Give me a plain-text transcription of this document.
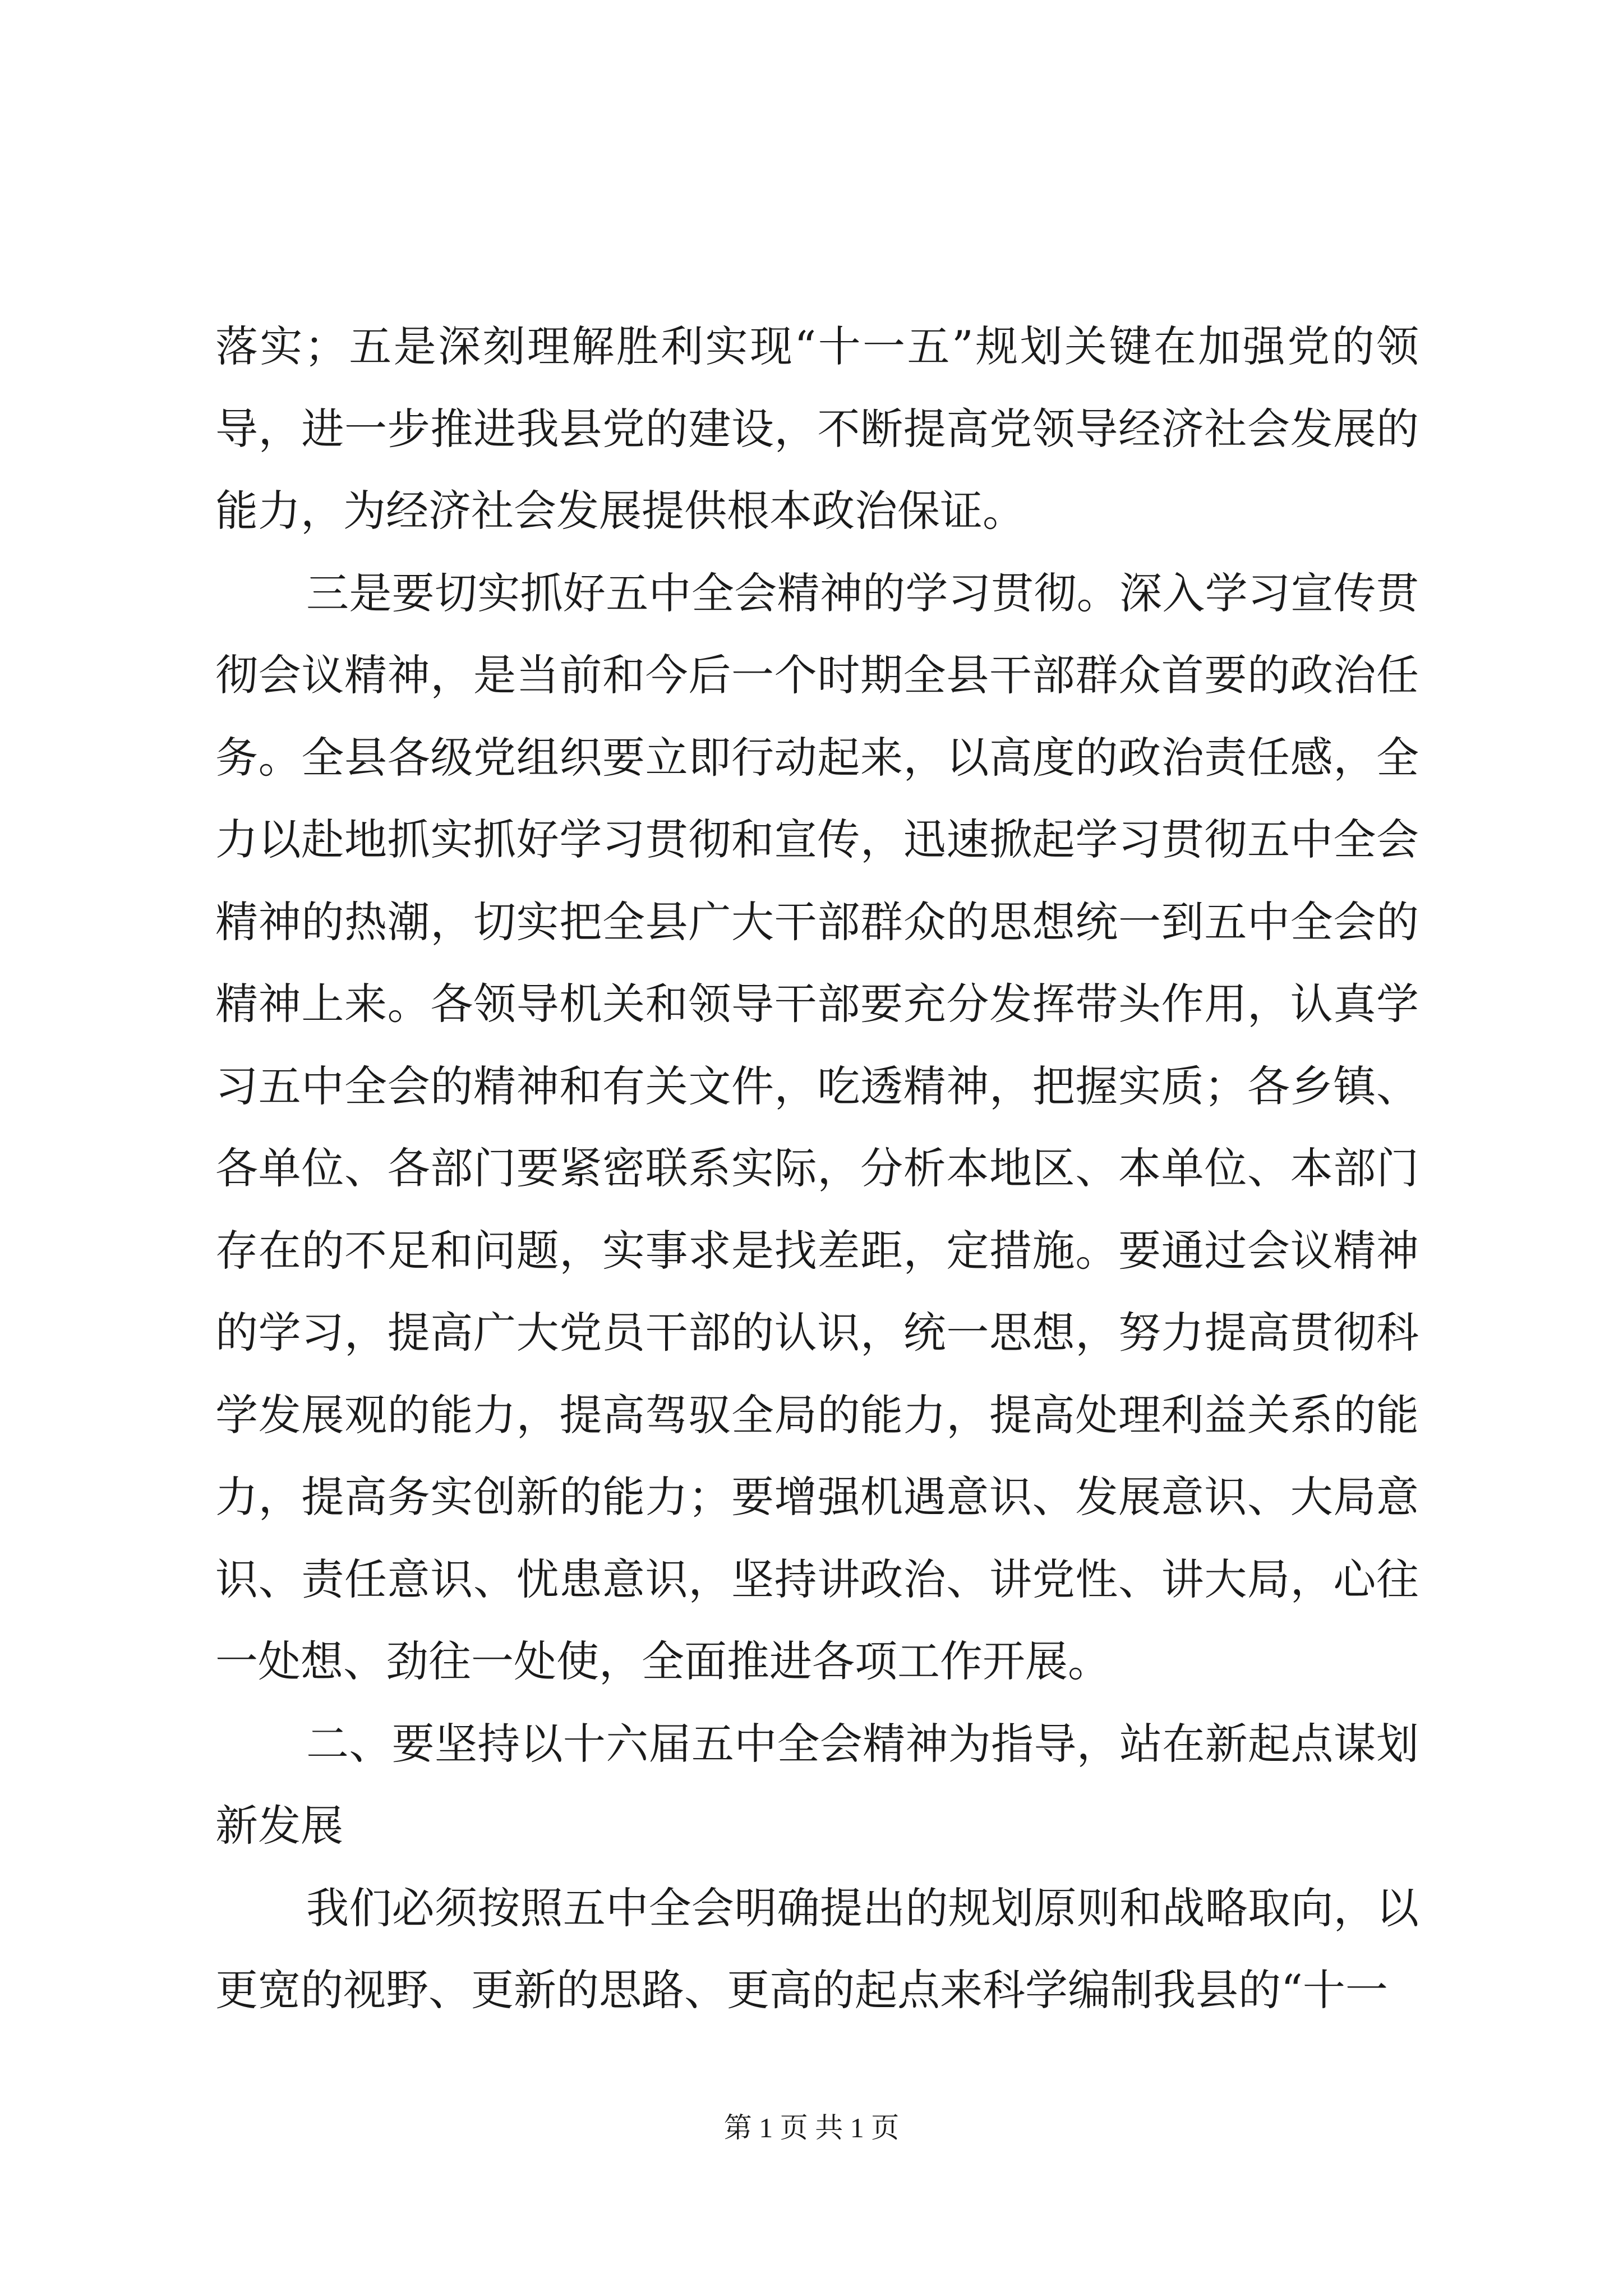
落实；五是深刻理解胜利实现“十一五”规划关键在加强党的领导，进一步推进我县党的建设，不断提高党领导经济社会发展的能力，为经济社会发展提供根本政治保证。

三是要切实抓好五中全会精神的学习贯彻。深入学习宣传贯彻会议精神，是当前和今后一个时期全县干部群众首要的政治任务。全县各级党组织要立即行动起来，以高度的政治责任感，全力以赴地抓实抓好学习贯彻和宣传，迅速掀起学习贯彻五中全会精神的热潮，切实把全县广大干部群众的思想统一到五中全会的精神上来。各领导机关和领导干部要充分发挥带头作用，认真学习五中全会的精神和有关文件，吃透精神，把握实质；各乡镇、各单位、各部门要紧密联系实际，分析本地区、本单位、本部门存在的不足和问题，实事求是找差距，定措施。要通过会议精神的学习，提高广大党员干部的认识，统一思想，努力提高贯彻科学发展观的能力，提高驾驭全局的能力，提高处理利益关系的能力，提高务实创新的能力；要增强机遇意识、发展意识、大局意识、责任意识、忧患意识，坚持讲政治、讲党性、讲大局，心往一处想、劲往一处使，全面推进各项工作开展。

二、要坚持以十六届五中全会精神为指导，站在新起点谋划新发展

我们必须按照五中全会明确提出的规划原则和战略取向，以更宽的视野、更新的思路、更高的起点来科学编制我县的“十一

第 1 页 共 1 页
